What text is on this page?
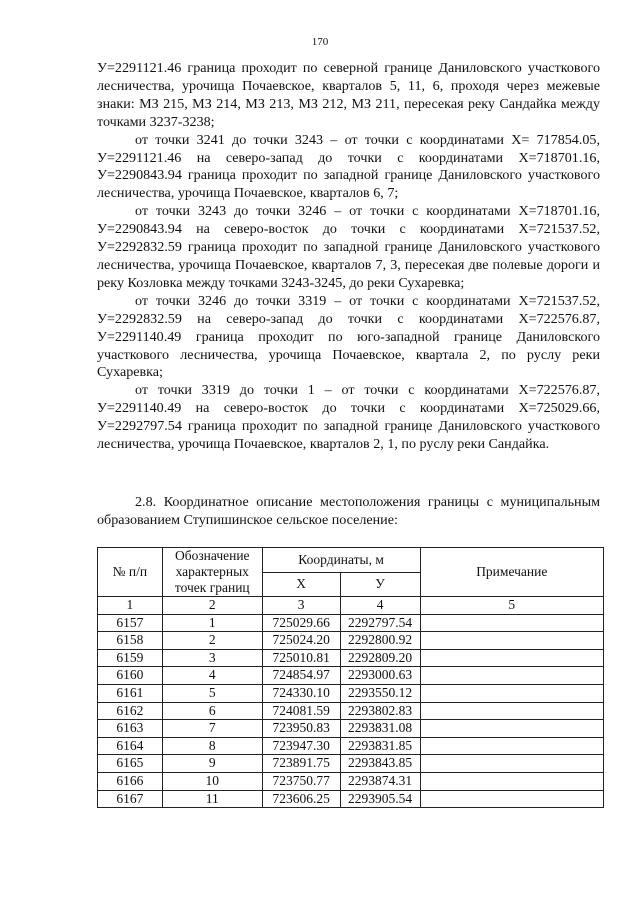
170

У=2291121.46 граница проходит по северной границе Даниловского участкового лесничества, урочища Почаевское, кварталов 5, 11, 6, проходя через межевые знаки: МЗ 215, МЗ 214, МЗ 213, МЗ 212, МЗ 211, пересекая реку Сандайка между точками 3237-3238;

от точки 3241 до точки 3243 – от точки с координатами Х= 717854.05, У=2291121.46 на северо-запад до точки с координатами Х=718701.16, У=2290843.94 граница проходит по западной границе Даниловского участкового лесничества, урочища Почаевское, кварталов 6, 7;

от точки 3243 до точки 3246 – от точки с координатами Х=718701.16, У=2290843.94 на северо-восток до точки с координатами Х=721537.52, У=2292832.59 граница проходит по западной границе Даниловского участкового лесничества, урочища Почаевское, кварталов 7, 3, пересекая две полевые дороги и реку Козловка между точками 3243-3245, до реки Сухаревка;

от точки 3246 до точки 3319 – от точки с координатами Х=721537.52, У=2292832.59 на северо-запад до точки с координатами Х=722576.87, У=2291140.49 граница проходит по юго-западной границе Даниловского участкового лесничества, урочища Почаевское, квартала 2, по руслу реки Сухаревка;

от точки 3319 до точки 1 – от точки с координатами Х=722576.87, У=2291140.49 на северо-восток до точки с координатами Х=725029.66, У=2292797.54 граница проходит по западной границе Даниловского участкового лесничества, урочища Почаевское, кварталов 2, 1, по руслу реки Сандайка.

2.8. Координатное описание местоположения границы с муниципальным образованием Ступишинское сельское поселение:

№ п/п	Обозначение характерных точек границ	Координаты, м		Примечание
		Х	У	
1	2	3	4	5
6157	1	725029.66	2292797.54	
6158	2	725024.20	2292800.92	
6159	3	725010.81	2292809.20	
6160	4	724854.97	2293000.63	
6161	5	724330.10	2293550.12	
6162	6	724081.59	2293802.83	
6163	7	723950.83	2293831.08	
6164	8	723947.30	2293831.85	
6165	9	723891.75	2293843.85	
6166	10	723750.77	2293874.31	
6167	11	723606.25	2293905.54	
